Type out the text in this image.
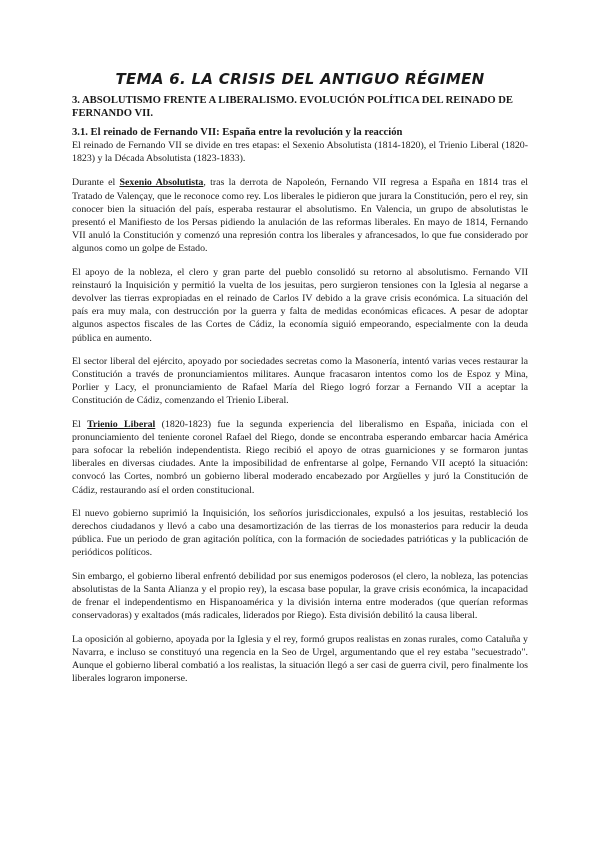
TEMA 6. LA CRISIS DEL ANTIGUO RÉGIMEN
3. ABSOLUTISMO FRENTE A LIBERALISMO. EVOLUCIÓN POLÍTICA DEL REINADO DE FERNANDO VII.
3.1. El reinado de Fernando VII: España entre la revolución y la reacción

El reinado de Fernando VII se divide en tres etapas: el Sexenio Absolutista (1814-1820), el Trienio Liberal (1820-1823) y la Década Absolutista (1823-1833).

Durante el Sexenio Absolutista, tras la derrota de Napoleón, Fernando VII regresa a España en 1814 tras el Tratado de Valençay, que le reconoce como rey. Los liberales le pidieron que jurara la Constitución, pero el rey, sin conocer bien la situación del país, esperaba restaurar el absolutismo. En Valencia, un grupo de absolutistas le presentó el Manifiesto de los Persas pidiendo la anulación de las reformas liberales. En mayo de 1814, Fernando VII anuló la Constitución y comenzó una represión contra los liberales y afrancesados, lo que fue considerado por algunos como un golpe de Estado.

El apoyo de la nobleza, el clero y gran parte del pueblo consolidó su retorno al absolutismo. Fernando VII reinstauró la Inquisición y permitió la vuelta de los jesuitas, pero surgieron tensiones con la Iglesia al negarse a devolver las tierras expropiadas en el reinado de Carlos IV debido a la grave crisis económica. La situación del país era muy mala, con destrucción por la guerra y falta de medidas económicas eficaces. A pesar de adoptar algunos aspectos fiscales de las Cortes de Cádiz, la economía siguió empeorando, especialmente con la deuda pública en aumento.

El sector liberal del ejército, apoyado por sociedades secretas como la Masonería, intentó varias veces restaurar la Constitución a través de pronunciamientos militares. Aunque fracasaron intentos como los de Espoz y Mina, Porlier y Lacy, el pronunciamiento de Rafael María del Riego logró forzar a Fernando VII a aceptar la Constitución de Cádiz, comenzando el Trienio Liberal.

El Trienio Liberal (1820-1823) fue la segunda experiencia del liberalismo en España, iniciada con el pronunciamiento del teniente coronel Rafael del Riego, donde se encontraba esperando embarcar hacia América para sofocar la rebelión independentista. Riego recibió el apoyo de otras guarniciones y se formaron juntas liberales en diversas ciudades. Ante la imposibilidad de enfrentarse al golpe, Fernando VII aceptó la situación: convocó las Cortes, nombró un gobierno liberal moderado encabezado por Argüelles y juró la Constitución de Cádiz, restaurando así el orden constitucional.

El nuevo gobierno suprimió la Inquisición, los señoríos jurisdiccionales, expulsó a los jesuitas, restableció los derechos ciudadanos y llevó a cabo una desamortización de las tierras de los monasterios para reducir la deuda pública. Fue un periodo de gran agitación política, con la formación de sociedades patrióticas y la publicación de periódicos políticos.

Sin embargo, el gobierno liberal enfrentó debilidad por sus enemigos poderosos (el clero, la nobleza, las potencias absolutistas de la Santa Alianza y el propio rey), la escasa base popular, la grave crisis económica, la incapacidad de frenar el independentismo en Hispanoamérica y la división interna entre moderados (que querían reformas conservadoras) y exaltados (más radicales, liderados por Riego). Esta división debilitó la causa liberal.

La oposición al gobierno, apoyada por la Iglesia y el rey, formó grupos realistas en zonas rurales, como Cataluña y Navarra, e incluso se constituyó una regencia en la Seo de Urgel, argumentando que el rey estaba "secuestrado". Aunque el gobierno liberal combatió a los realistas, la situación llegó a ser casi de guerra civil, pero finalmente los liberales lograron imponerse.
